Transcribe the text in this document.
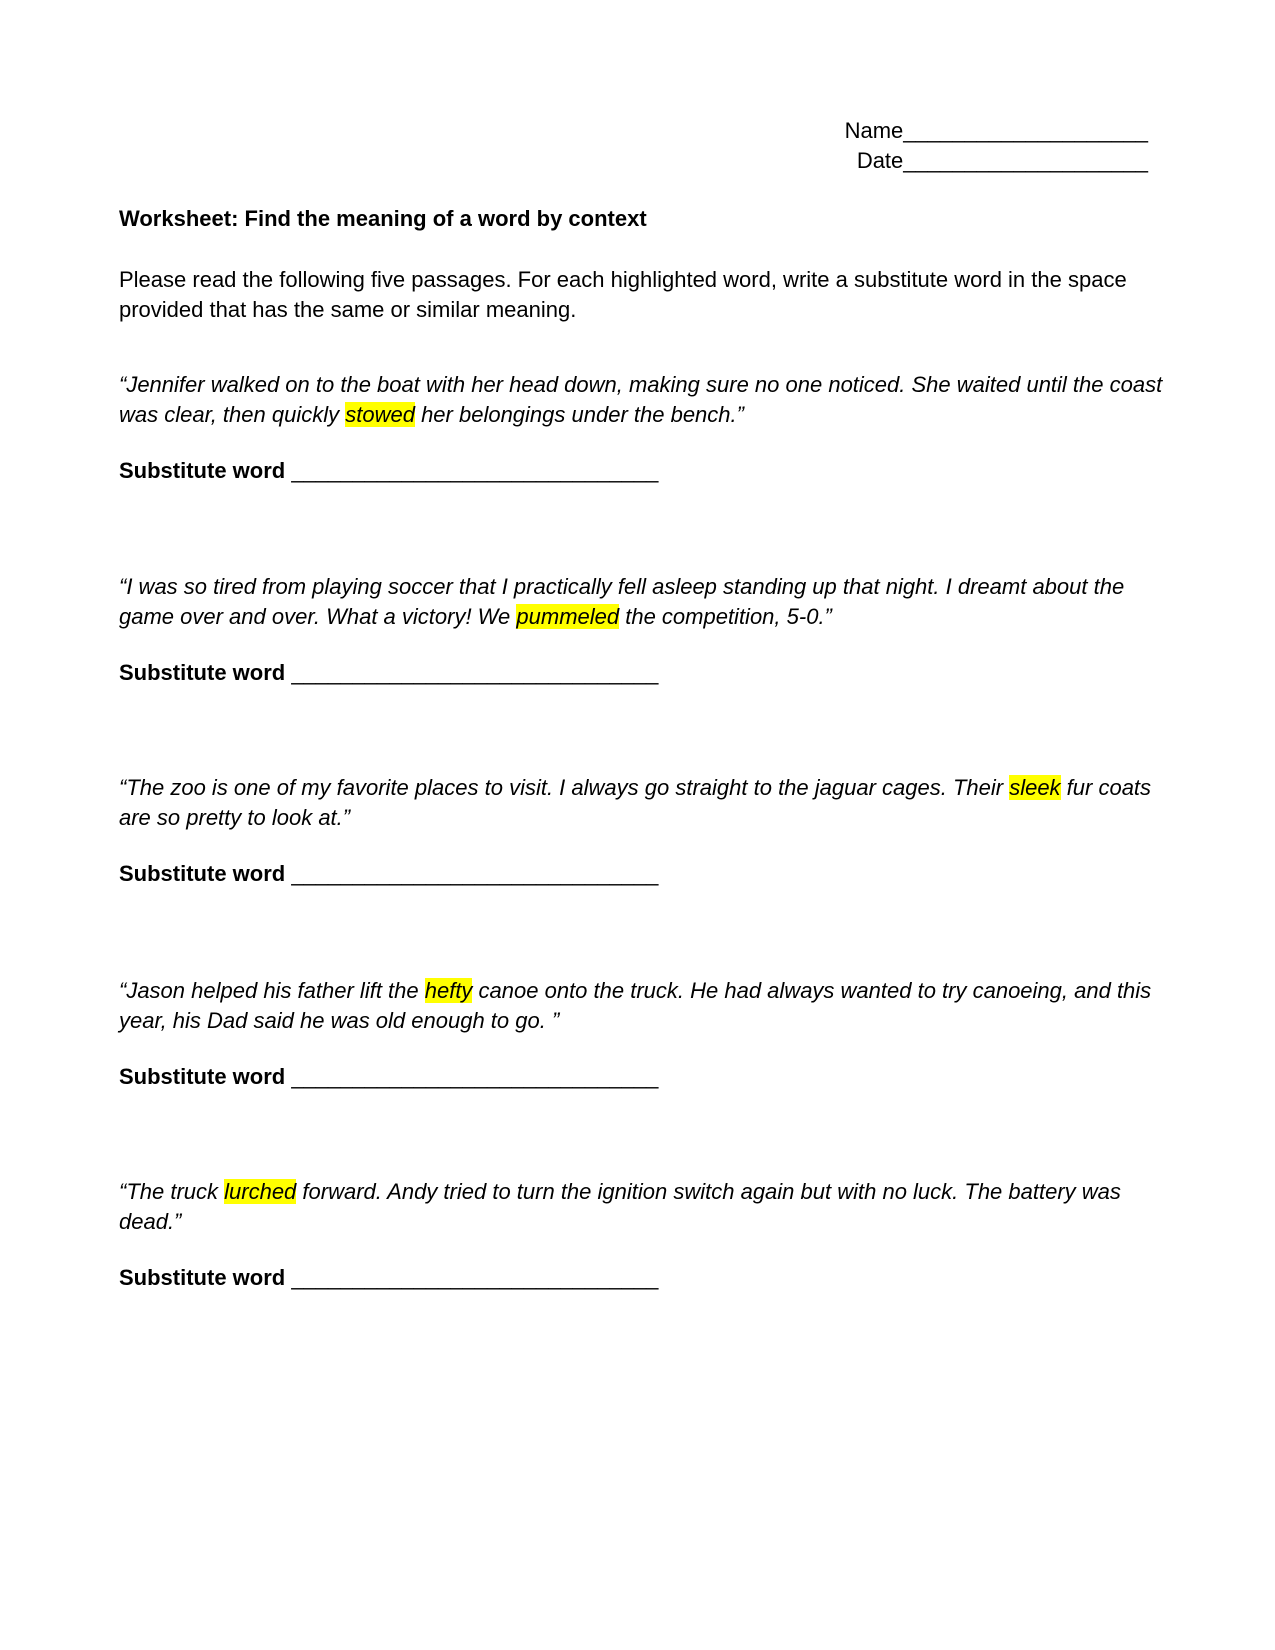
Name____________________
Date____________________
Worksheet: Find the meaning of a word by context

Please read the following five passages. For each highlighted word, write a substitute word in the space provided that has the same or similar meaning.

“Jennifer walked on to the boat with her head down, making sure no one noticed. She waited until the coast was clear, then quickly stowed her belongings under the bench.”

Substitute word ______________________________

“I was so tired from playing soccer that I practically fell asleep standing up that night. I dreamt about the game over and over. What a victory! We pummeled the competition, 5-0.”

Substitute word ______________________________

“The zoo is one of my favorite places to visit. I always go straight to the jaguar cages. Their sleek fur coats are so pretty to look at.”

Substitute word ______________________________

“Jason helped his father lift the hefty canoe onto the truck. He had always wanted to try canoeing, and this year, his Dad said he was old enough to go. ”

Substitute word ______________________________

“The truck lurched forward. Andy tried to turn the ignition switch again but with no luck. The battery was dead.”

Substitute word ______________________________
